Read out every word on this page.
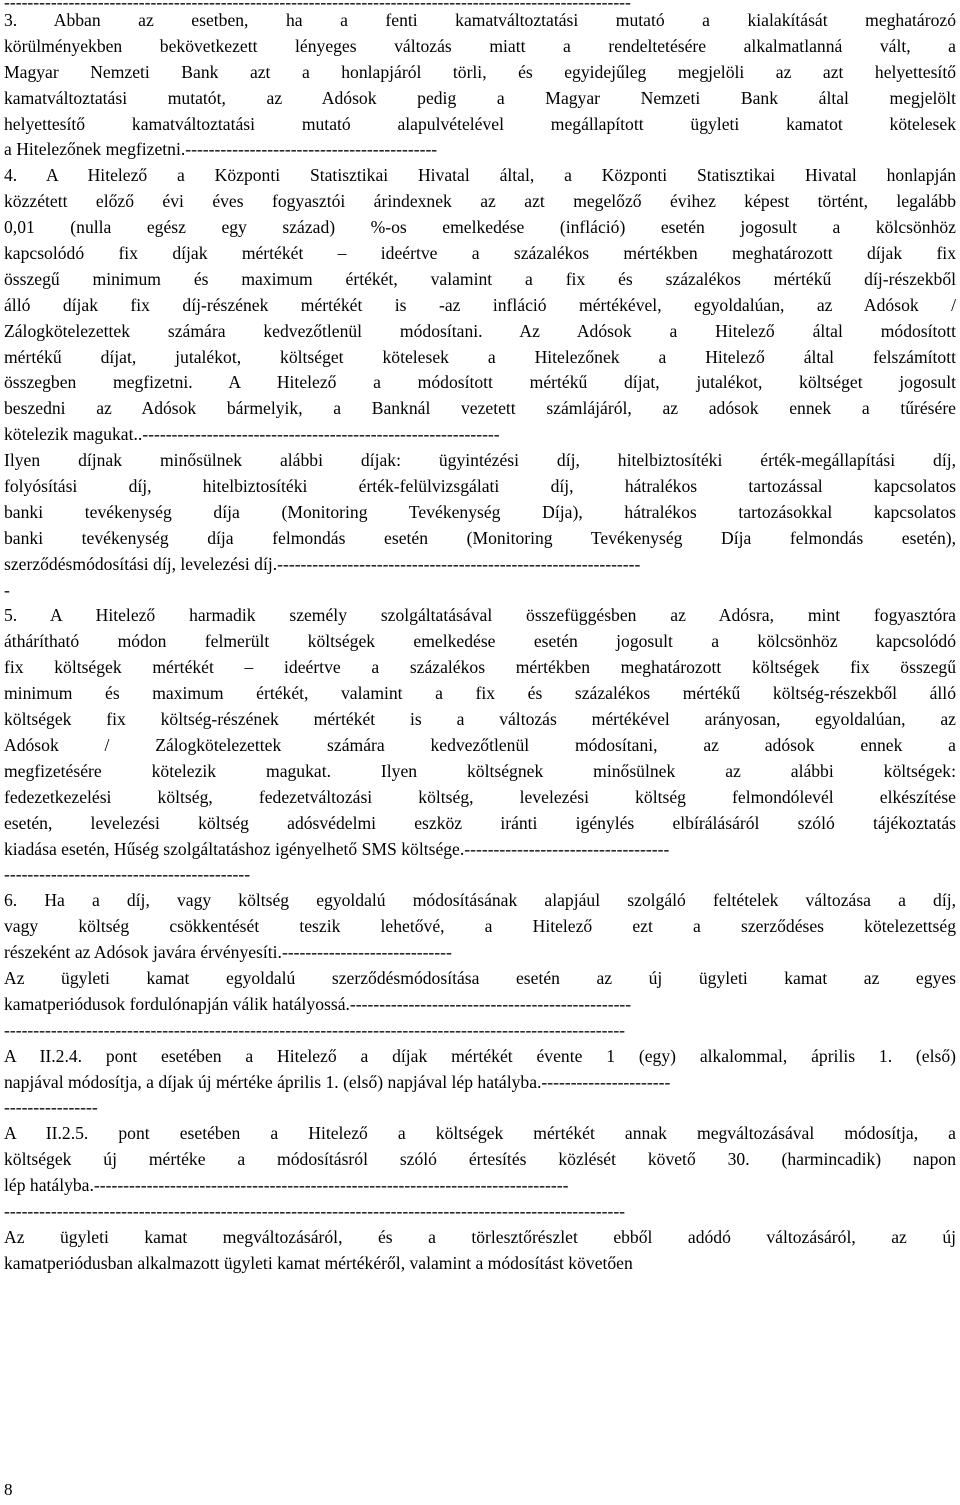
3. Abban az esetben, ha a fenti kamatváltoztatási mutató a kialakítását meghatározó
körülményekben bekövetkezett lényeges változás miatt a rendeltetésére alkalmatlanná vált, a
Magyar Nemzeti Bank azt a honlapjáról törli, és egyidejűleg megjelöli az azt helyettesítő
kamatváltoztatási mutatót, az Adósok pedig a Magyar Nemzeti Bank által megjelölt
helyettesítő kamatváltoztatási mutató alapulvételével megállapított ügyleti kamatot kötelesek
a Hitelezőnek megfizetni.-------------------------------------------
4. A Hitelező a Központi Statisztikai Hivatal által, a Központi Statisztikai Hivatal honlapján
közzétett előző évi éves fogyasztói árindexnek az azt megelőző évihez képest történt, legalább
0,01 (nulla egész egy század) %-os emelkedése (infláció) esetén jogosult a kölcsönhöz
kapcsolódó fix díjak mértékét – ideértve a százalékos mértékben meghatározott díjak fix
összegű minimum és maximum értékét, valamint a fix és százalékos mértékű díj-részekből
álló díjak fix díj-részének mértékét is -az infláció mértékével, egyoldalúan, az Adósok /
Zálogkötelezettek számára kedvezőtlenül módosítani. Az Adósok a Hitelező által módosított
mértékű díjat, jutalékot, költséget kötelesek a Hitelezőnek a Hitelező által felszámított
összegben megfizetni. A Hitelező a módosított mértékű díjat, jutalékot, költséget jogosult
beszedni az Adósok bármelyik, a Banknál vezetett számlájáról, az adósok ennek a tűrésére
kötelezik magukat..-------------------------------------------------------------
Ilyen díjnak minősülnek alábbi díjak: ügyintézési díj, hitelbiztosítéki érték-megállapítási díj,
folyósítási díj, hitelbiztosítéki érték-felülvizsgálati díj, hátralékos tartozással kapcsolatos
banki tevékenység díja (Monitoring Tevékenység Díja), hátralékos tartozásokkal kapcsolatos
banki tevékenység díja felmondás esetén (Monitoring Tevékenység Díja felmondás esetén),
szerződésmódosítási díj, levelezési díj.--------------------------------------------------------------
-
5. A Hitelező harmadik személy szolgáltatásával összefüggésben az Adósra, mint fogyasztóra
áthárítható módon felmerült költségek emelkedése esetén jogosult a kölcsönhöz kapcsolódó
fix költségek mértékét – ideértve a százalékos mértékben meghatározott költségek fix összegű
minimum és maximum értékét, valamint a fix és százalékos mértékű költség-részekből álló
költségek fix költség-részének mértékét is a változás mértékével arányosan, egyoldalúan, az
Adósok / Zálogkötelezettek számára kedvezőtlenül módosítani, az adósok ennek a
megfizetésére kötelezik magukat. Ilyen költségnek minősülnek az alábbi költségek:
fedezetkezelési költség, fedezetváltozási költség, levelezési költség felmondólevél elkészítése
esetén, levelezési költség adósvédelmi eszköz iránti igénylés elbírálásáról szóló tájékoztatás
kiadása esetén, Hűség szolgáltatáshoz igényelhető SMS költsége.-----------------------------------
------------------------------------------
6. Ha a díj, vagy költség egyoldalú módosításának alapjául szolgáló feltételek változása a díj,
vagy költség csökkentését teszik lehetővé, a Hitelező ezt a szerződéses kötelezettség
részeként az Adósok javára érvényesíti.-----------------------------
Az ügyleti kamat egyoldalú szerződésmódosítása esetén az új ügyleti kamat az egyes
kamatperiódusok fordulónapján válik hatályossá.------------------------------------------------
----------------------------------------------------------------------------------------------------------
A II.2.4. pont esetében a Hitelező a díjak mértékét évente 1 (egy) alkalommal, április 1. (első)
napjával módosítja, a díjak új mértéke április 1. (első) napjával lép hatályba.----------------------
----------------
A II.2.5. pont esetében a Hitelező a költségek mértékét annak megváltozásával módosítja, a
költségek új mértéke a módosításról szóló értesítés közlését követő 30. (harmincadik) napon
lép hatályba.---------------------------------------------------------------------------------
----------------------------------------------------------------------------------------------------------
Az ügyleti kamat megváltozásáról, és a törlesztőrészlet ebből adódó változásáról, az új
kamatperiódusban alkalmazott ügyleti kamat mértékéről, valamint a módosítást követően
8
